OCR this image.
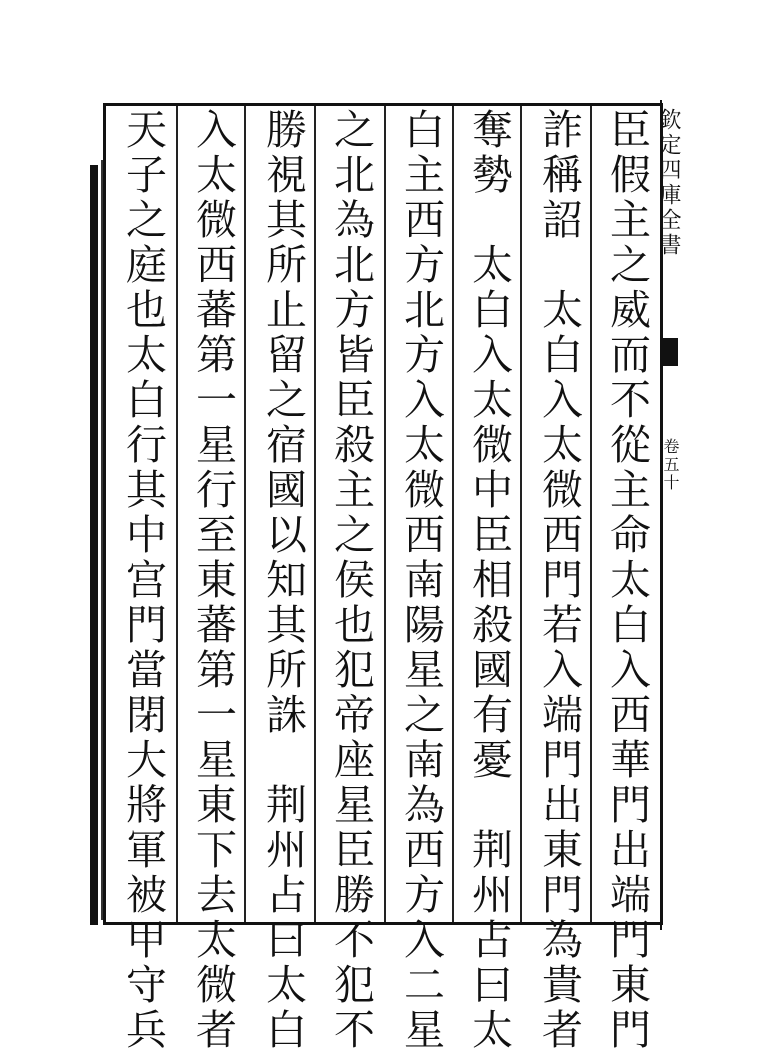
欽定四庫全書
卷五十
臣假主之威而不從主命太白入西華門出端門東門
詐稱詔　太白入太微西門若入端門出東門為貴者
奪勢　太白入太微中臣相殺國有憂　荆州占曰太
白主西方北方入太微西南陽星之南為西方入二星
之北為北方皆臣殺主之侯也犯帝座星臣勝不犯不
勝視其所止留之宿國以知其所誅　荆州占曰太白
入太微西蕃第一星行至東蕃第一星東下去太微者
天子之庭也太白行其中宫門當閉大將軍被甲守兵
